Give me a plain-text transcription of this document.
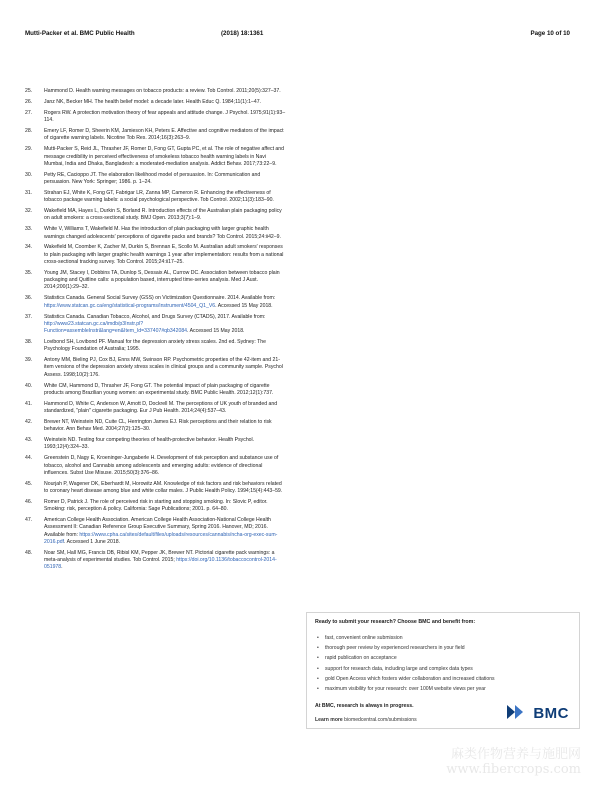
Mutti-Packer et al. BMC Public Health	(2018) 18:1361	Page 10 of 10
25. Hammond D. Health warning messages on tobacco products: a review. Tob Control. 2011;20(5):327–37.
26. Janz NK, Becker MH. The health belief model: a decade later. Health Educ Q. 1984;11(1):1–47.
27. Rogers RW. A protection motivation theory of fear appeals and attitude change. J Psychol. 1975;91(1):93–114.
28. Emery LF, Romer D, Sheerin KM, Jamieson KH, Peters E. Affective and cognitive mediators of the impact of cigarette warning labels. Nicotine Tob Res. 2014;16(3):263–9.
29. Mutti-Packer S, Reid JL, Thrasher JF, Romer D, Fong GT, Gupta PC, et al. The role of negative affect and message credibility in perceived effectiveness of smokeless tobacco health warning labels in Navi Mumbai, India and Dhaka, Bangladesh: a moderated-mediation analysis. Addict Behav. 2017;73:22–9.
30. Petty RE, Cacioppo JT. The elaboration likelihood model of persuasion. In: Communication and persuasion. New York: Springer; 1986. p. 1–24.
31. Strahan EJ, White K, Fong GT, Fabrigar LR, Zanna MP, Cameron R. Enhancing the effectiveness of tobacco package warning labels: a social psychological perspective. Tob Control. 2002;11(3):183–90.
32. Wakefield MA, Hayes L, Durkin S, Borland R. Introduction effects of the Australian plain packaging policy on adult smokers: a cross-sectional study. BMJ Open. 2013;3(7):1–9.
33. White V, Williams T, Wakefield M. Has the introduction of plain packaging with larger graphic health warnings changed adolescents' perceptions of cigarette packs and brands? Tob Control. 2015;24:ii42–9.
34. Wakefield M, Coomber K, Zacher M, Durkin S, Brennan E, Scollo M. Australian adult smokers' responses to plain packaging with larger graphic health warnings 1 year after implementation: results from a national cross-sectional tracking survey. Tob Control. 2015;24:ii17–25.
35. Young JM, Stacey I, Dobbins TA, Dunlop S, Dessaix AL, Currow DC. Association between tobacco plain packaging and Quitline calls: a population based, interrupted time-series analysis. Med J Aust. 2014;200(1):29–32.
36. Statistics Canada. General Social Survey (GSS) on Victimization Questionnaire. 2014. Available from: https://www.statcan.gc.ca/eng/statistical-programs/instrument/4504_Q1_V6. Accessed 15 May 2018.
37. Statistics Canada. Canadian Tobacco, Alcohol, and Drugs Survey (CTADS), 2017. Available from: http://www23.statcan.gc.ca/imdb/p3Instr.pl?Function=assembleInstr&lang=en&Item_Id=337407#qb342084. Accessed 15 May 2018.
38. Lovibond SH, Lovibond PF. Manual for the depression anxiety stress scales. 2nd ed. Sydney: The Psychology Foundation of Australia; 1995.
39. Antony MM, Bieling PJ, Cox BJ, Enns MW, Swinson RP. Psychometric properties of the 42-item and 21-item versions of the depression anxiety stress scales in clinical groups and a community sample. Psychol Assess. 1998;10(2):176.
40. White CM, Hammond D, Thrasher JF, Fong GT. The potential impact of plain packaging of cigarette products among Brazilian young women: an experimental study. BMC Public Health. 2012;12(1):737.
41. Hammond D, White C, Anderson W, Arnott D, Dockrell M. The perceptions of UK youth of branded and standardized, "plain" cigarette packaging. Eur J Pub Health. 2014;24(4):537–43.
42. Brewer NT, Weinstein ND, Cuite CL, Herrington James EJ. Risk perceptions and their relation to risk behavior. Ann Behav Med. 2004;27(2):125–30.
43. Weinstein ND. Testing four competing theories of health-protective behavior. Health Psychol. 1993;12(4):324–33.
44. Greenstein D, Nagy E, Kroeninger-Jungaberle H. Development of risk perception and substance use of tobacco, alcohol and Cannabis among adolescents and emerging adults: evidence of directional influences. Subst Use Misuse. 2015;50(3):376–86.
45. Nourjah P, Wagener DK, Eberhardt M, Horowitz AM. Knowledge of risk factors and risk behaviors related to coronary heart disease among blue and white collar males. J Public Health Policy. 1994;15(4):443–59.
46. Romer D, Patrick J. The role of perceived risk in starting and stopping smoking. In: Slovic P, editor. Smoking: risk, perception & policy. California: Sage Publications; 2001. p. 64–80.
47. American College Health Association. American College Health Association-National College Health Assessment II: Canadian Reference Group Executive Summary, Spring 2016. Hanover, MD; 2016. Available from: https://www.cpha.ca/sites/default/files/uploads/resources/cannabis/ncha-org-exec-sum-2016.pdf. Accessed 1 June 2018.
48. Noar SM, Hall MG, Francis DB, Ribisl KM, Pepper JK, Brewer NT. Pictorial cigarette pack warnings: a meta-analysis of experimental studies. Tob Control. 2015; https://doi.org/10.1136/tobaccocontrol-2014-051978.
Ready to submit your research? Choose BMC and benefit from:
• fast, convenient online submission
• thorough peer review by experienced researchers in your field
• rapid publication on acceptance
• support for research data, including large and complex data types
• gold Open Access which fosters wider collaboration and increased citations
• maximum visibility for your research: over 100M website views per year
At BMC, research is always in progress.
Learn more biomedcentral.com/submissions	BMC
麻类作物营养与施肥网
www.fibercrops.com
